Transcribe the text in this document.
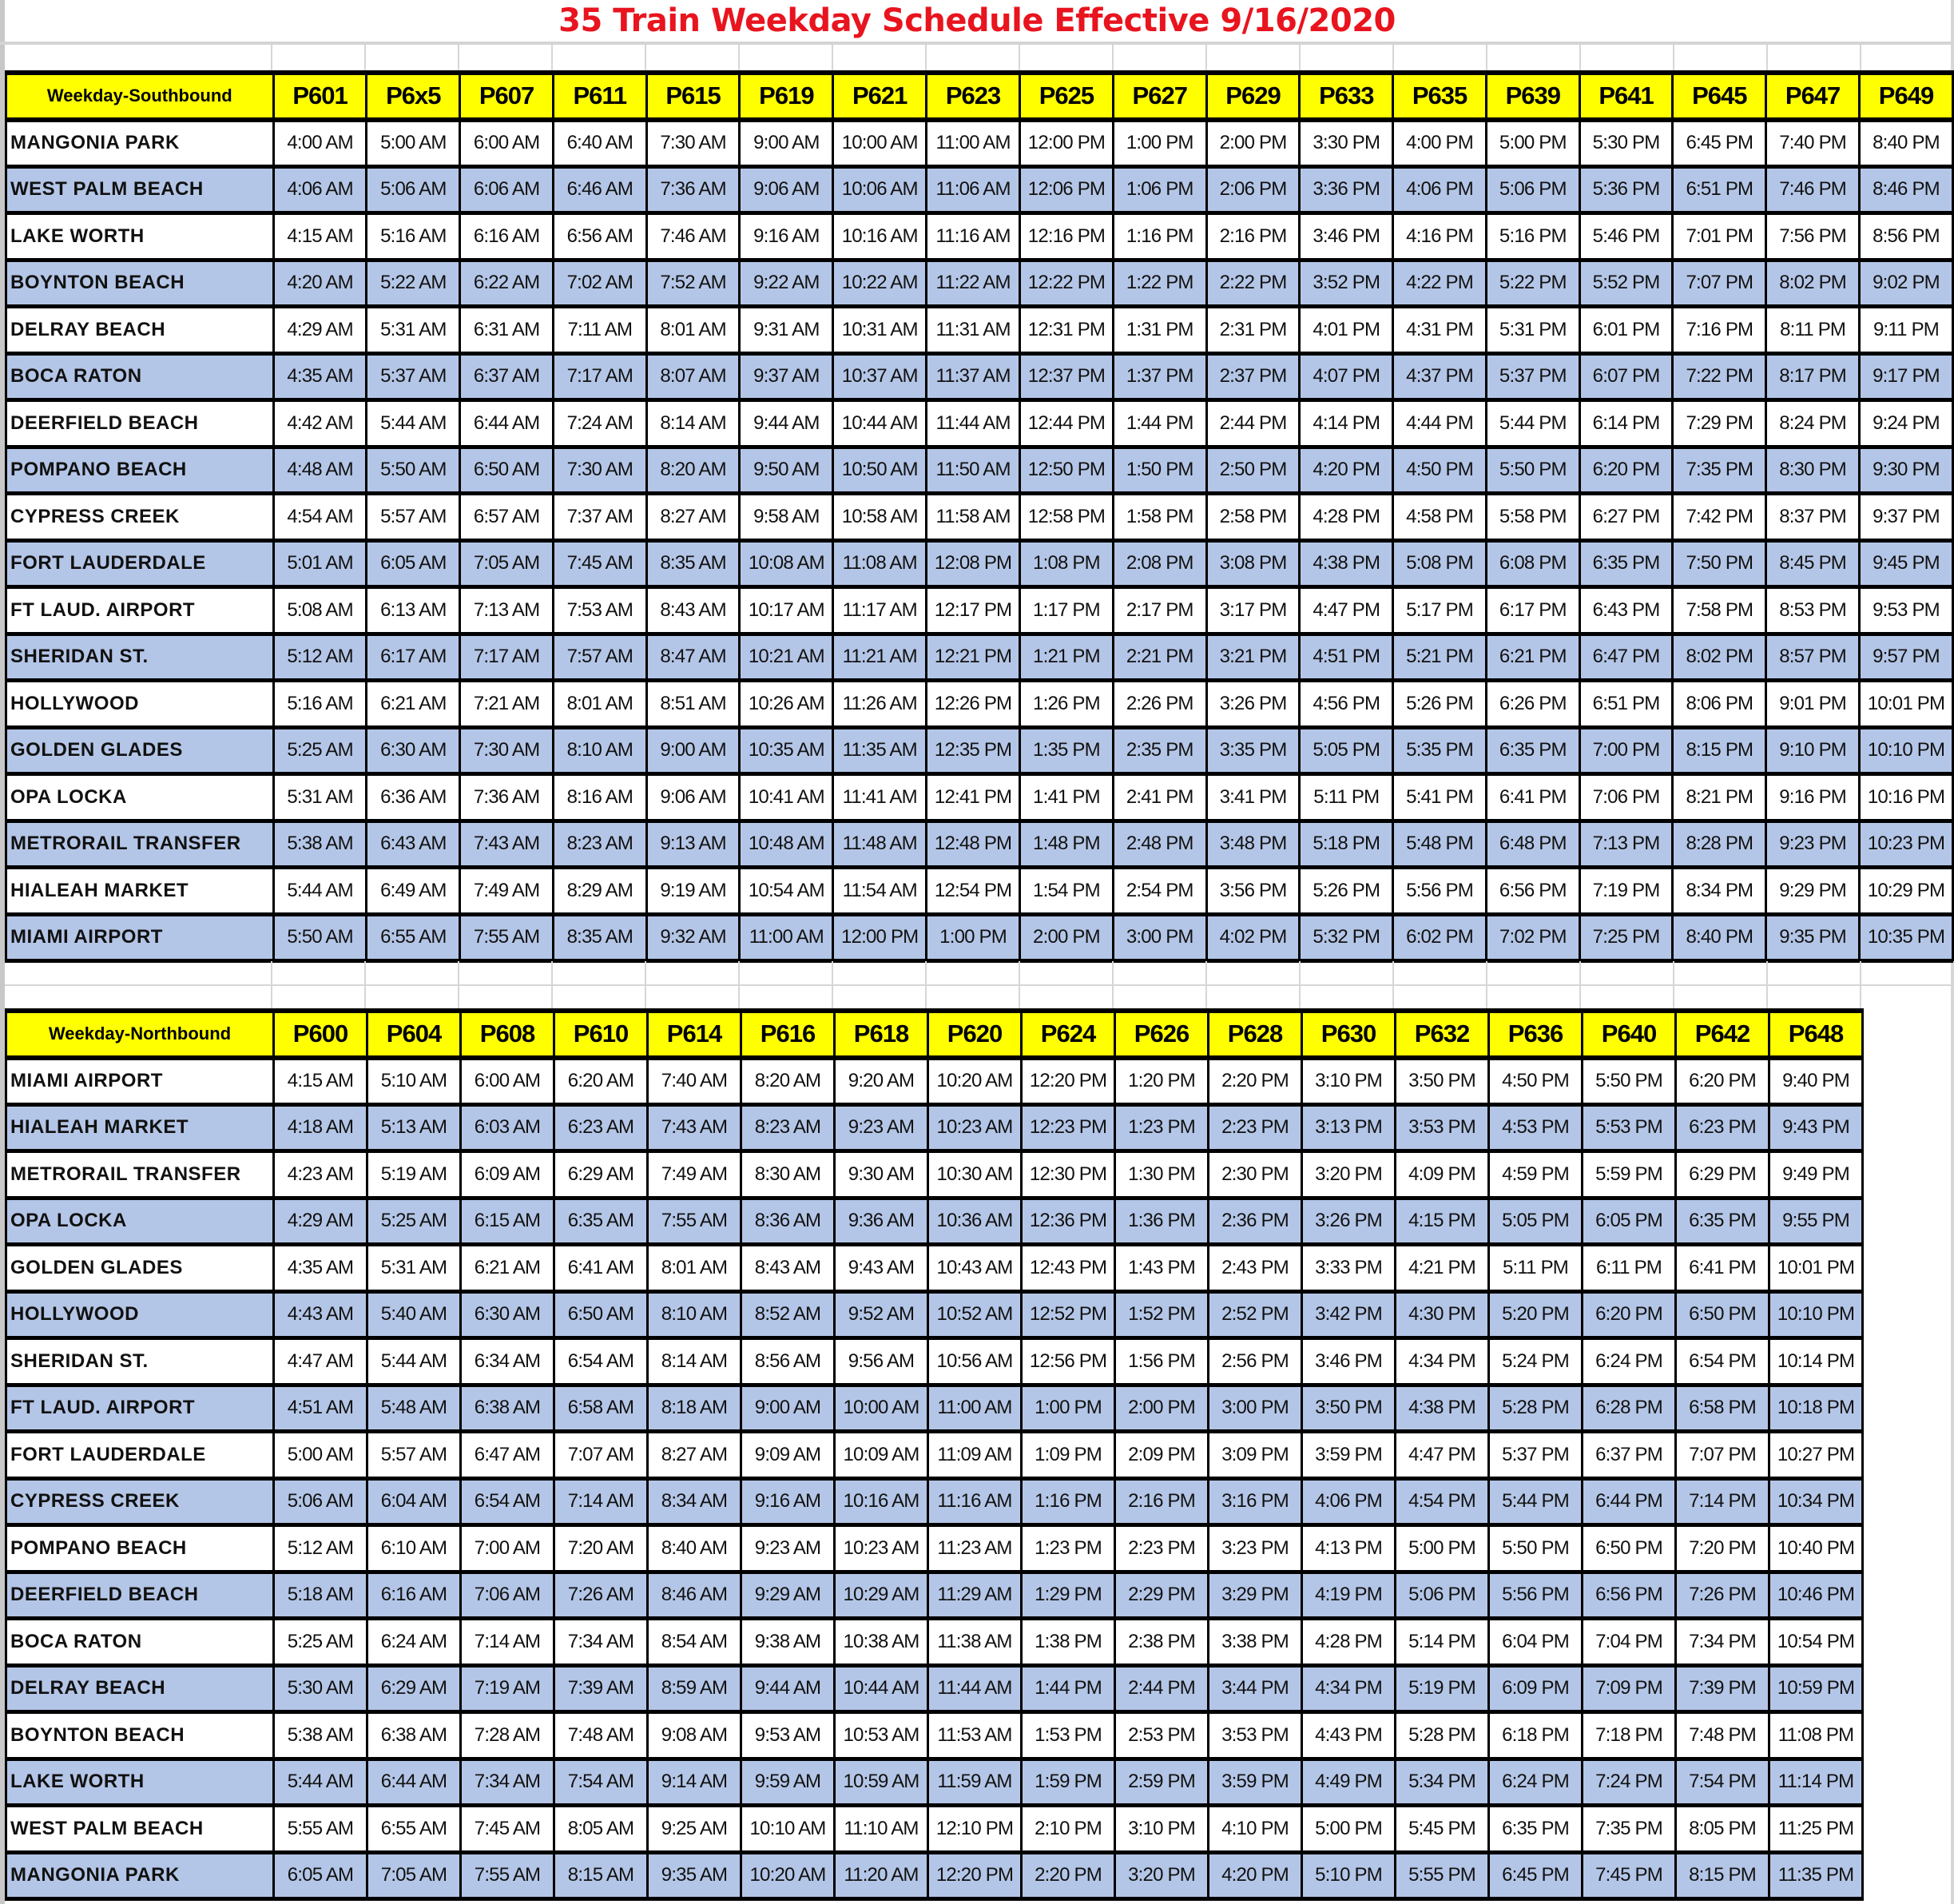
35 Train Weekday Schedule Effective 9/16/2020
Weekday-Southbound	P601	P6x5	P607	P611	P615	P619	P621	P623	P625	P627	P629	P633	P635	P639	P641	P645	P647	P649
MANGONIA PARK	4:00 AM	5:00 AM	6:00 AM	6:40 AM	7:30 AM	9:00 AM	10:00 AM	11:00 AM	12:00 PM	1:00 PM	2:00 PM	3:30 PM	4:00 PM	5:00 PM	5:30 PM	6:45 PM	7:40 PM	8:40 PM
WEST PALM BEACH	4:06 AM	5:06 AM	6:06 AM	6:46 AM	7:36 AM	9:06 AM	10:06 AM	11:06 AM	12:06 PM	1:06 PM	2:06 PM	3:36 PM	4:06 PM	5:06 PM	5:36 PM	6:51 PM	7:46 PM	8:46 PM
LAKE WORTH	4:15 AM	5:16 AM	6:16 AM	6:56 AM	7:46 AM	9:16 AM	10:16 AM	11:16 AM	12:16 PM	1:16 PM	2:16 PM	3:46 PM	4:16 PM	5:16 PM	5:46 PM	7:01 PM	7:56 PM	8:56 PM
BOYNTON BEACH	4:20 AM	5:22 AM	6:22 AM	7:02 AM	7:52 AM	9:22 AM	10:22 AM	11:22 AM	12:22 PM	1:22 PM	2:22 PM	3:52 PM	4:22 PM	5:22 PM	5:52 PM	7:07 PM	8:02 PM	9:02 PM
DELRAY BEACH	4:29 AM	5:31 AM	6:31 AM	7:11 AM	8:01 AM	9:31 AM	10:31 AM	11:31 AM	12:31 PM	1:31 PM	2:31 PM	4:01 PM	4:31 PM	5:31 PM	6:01 PM	7:16 PM	8:11 PM	9:11 PM
BOCA RATON	4:35 AM	5:37 AM	6:37 AM	7:17 AM	8:07 AM	9:37 AM	10:37 AM	11:37 AM	12:37 PM	1:37 PM	2:37 PM	4:07 PM	4:37 PM	5:37 PM	6:07 PM	7:22 PM	8:17 PM	9:17 PM
DEERFIELD BEACH	4:42 AM	5:44 AM	6:44 AM	7:24 AM	8:14 AM	9:44 AM	10:44 AM	11:44 AM	12:44 PM	1:44 PM	2:44 PM	4:14 PM	4:44 PM	5:44 PM	6:14 PM	7:29 PM	8:24 PM	9:24 PM
POMPANO BEACH	4:48 AM	5:50 AM	6:50 AM	7:30 AM	8:20 AM	9:50 AM	10:50 AM	11:50 AM	12:50 PM	1:50 PM	2:50 PM	4:20 PM	4:50 PM	5:50 PM	6:20 PM	7:35 PM	8:30 PM	9:30 PM
CYPRESS CREEK	4:54 AM	5:57 AM	6:57 AM	7:37 AM	8:27 AM	9:58 AM	10:58 AM	11:58 AM	12:58 PM	1:58 PM	2:58 PM	4:28 PM	4:58 PM	5:58 PM	6:27 PM	7:42 PM	8:37 PM	9:37 PM
FORT LAUDERDALE	5:01 AM	6:05 AM	7:05 AM	7:45 AM	8:35 AM	10:08 AM	11:08 AM	12:08 PM	1:08 PM	2:08 PM	3:08 PM	4:38 PM	5:08 PM	6:08 PM	6:35 PM	7:50 PM	8:45 PM	9:45 PM
FT LAUD. AIRPORT	5:08 AM	6:13 AM	7:13 AM	7:53 AM	8:43 AM	10:17 AM	11:17 AM	12:17 PM	1:17 PM	2:17 PM	3:17 PM	4:47 PM	5:17 PM	6:17 PM	6:43 PM	7:58 PM	8:53 PM	9:53 PM
SHERIDAN ST.	5:12 AM	6:17 AM	7:17 AM	7:57 AM	8:47 AM	10:21 AM	11:21 AM	12:21 PM	1:21 PM	2:21 PM	3:21 PM	4:51 PM	5:21 PM	6:21 PM	6:47 PM	8:02 PM	8:57 PM	9:57 PM
HOLLYWOOD	5:16 AM	6:21 AM	7:21 AM	8:01 AM	8:51 AM	10:26 AM	11:26 AM	12:26 PM	1:26 PM	2:26 PM	3:26 PM	4:56 PM	5:26 PM	6:26 PM	6:51 PM	8:06 PM	9:01 PM	10:01 PM
GOLDEN GLADES	5:25 AM	6:30 AM	7:30 AM	8:10 AM	9:00 AM	10:35 AM	11:35 AM	12:35 PM	1:35 PM	2:35 PM	3:35 PM	5:05 PM	5:35 PM	6:35 PM	7:00 PM	8:15 PM	9:10 PM	10:10 PM
OPA LOCKA	5:31 AM	6:36 AM	7:36 AM	8:16 AM	9:06 AM	10:41 AM	11:41 AM	12:41 PM	1:41 PM	2:41 PM	3:41 PM	5:11 PM	5:41 PM	6:41 PM	7:06 PM	8:21 PM	9:16 PM	10:16 PM
METRORAIL TRANSFER	5:38 AM	6:43 AM	7:43 AM	8:23 AM	9:13 AM	10:48 AM	11:48 AM	12:48 PM	1:48 PM	2:48 PM	3:48 PM	5:18 PM	5:48 PM	6:48 PM	7:13 PM	8:28 PM	9:23 PM	10:23 PM
HIALEAH MARKET	5:44 AM	6:49 AM	7:49 AM	8:29 AM	9:19 AM	10:54 AM	11:54 AM	12:54 PM	1:54 PM	2:54 PM	3:56 PM	5:26 PM	5:56 PM	6:56 PM	7:19 PM	8:34 PM	9:29 PM	10:29 PM
MIAMI AIRPORT	5:50 AM	6:55 AM	7:55 AM	8:35 AM	9:32 AM	11:00 AM	12:00 PM	1:00 PM	2:00 PM	3:00 PM	4:02 PM	5:32 PM	6:02 PM	7:02 PM	7:25 PM	8:40 PM	9:35 PM	10:35 PM
Weekday-Northbound	P600	P604	P608	P610	P614	P616	P618	P620	P624	P626	P628	P630	P632	P636	P640	P642	P648
MIAMI AIRPORT	4:15 AM	5:10 AM	6:00 AM	6:20 AM	7:40 AM	8:20 AM	9:20 AM	10:20 AM	12:20 PM	1:20 PM	2:20 PM	3:10 PM	3:50 PM	4:50 PM	5:50 PM	6:20 PM	9:40 PM
HIALEAH MARKET	4:18 AM	5:13 AM	6:03 AM	6:23 AM	7:43 AM	8:23 AM	9:23 AM	10:23 AM	12:23 PM	1:23 PM	2:23 PM	3:13 PM	3:53 PM	4:53 PM	5:53 PM	6:23 PM	9:43 PM
METRORAIL TRANSFER	4:23 AM	5:19 AM	6:09 AM	6:29 AM	7:49 AM	8:30 AM	9:30 AM	10:30 AM	12:30 PM	1:30 PM	2:30 PM	3:20 PM	4:09 PM	4:59 PM	5:59 PM	6:29 PM	9:49 PM
OPA LOCKA	4:29 AM	5:25 AM	6:15 AM	6:35 AM	7:55 AM	8:36 AM	9:36 AM	10:36 AM	12:36 PM	1:36 PM	2:36 PM	3:26 PM	4:15 PM	5:05 PM	6:05 PM	6:35 PM	9:55 PM
GOLDEN GLADES	4:35 AM	5:31 AM	6:21 AM	6:41 AM	8:01 AM	8:43 AM	9:43 AM	10:43 AM	12:43 PM	1:43 PM	2:43 PM	3:33 PM	4:21 PM	5:11 PM	6:11 PM	6:41 PM	10:01 PM
HOLLYWOOD	4:43 AM	5:40 AM	6:30 AM	6:50 AM	8:10 AM	8:52 AM	9:52 AM	10:52 AM	12:52 PM	1:52 PM	2:52 PM	3:42 PM	4:30 PM	5:20 PM	6:20 PM	6:50 PM	10:10 PM
SHERIDAN ST.	4:47 AM	5:44 AM	6:34 AM	6:54 AM	8:14 AM	8:56 AM	9:56 AM	10:56 AM	12:56 PM	1:56 PM	2:56 PM	3:46 PM	4:34 PM	5:24 PM	6:24 PM	6:54 PM	10:14 PM
FT LAUD. AIRPORT	4:51 AM	5:48 AM	6:38 AM	6:58 AM	8:18 AM	9:00 AM	10:00 AM	11:00 AM	1:00 PM	2:00 PM	3:00 PM	3:50 PM	4:38 PM	5:28 PM	6:28 PM	6:58 PM	10:18 PM
FORT LAUDERDALE	5:00 AM	5:57 AM	6:47 AM	7:07 AM	8:27 AM	9:09 AM	10:09 AM	11:09 AM	1:09 PM	2:09 PM	3:09 PM	3:59 PM	4:47 PM	5:37 PM	6:37 PM	7:07 PM	10:27 PM
CYPRESS CREEK	5:06 AM	6:04 AM	6:54 AM	7:14 AM	8:34 AM	9:16 AM	10:16 AM	11:16 AM	1:16 PM	2:16 PM	3:16 PM	4:06 PM	4:54 PM	5:44 PM	6:44 PM	7:14 PM	10:34 PM
POMPANO BEACH	5:12 AM	6:10 AM	7:00 AM	7:20 AM	8:40 AM	9:23 AM	10:23 AM	11:23 AM	1:23 PM	2:23 PM	3:23 PM	4:13 PM	5:00 PM	5:50 PM	6:50 PM	7:20 PM	10:40 PM
DEERFIELD BEACH	5:18 AM	6:16 AM	7:06 AM	7:26 AM	8:46 AM	9:29 AM	10:29 AM	11:29 AM	1:29 PM	2:29 PM	3:29 PM	4:19 PM	5:06 PM	5:56 PM	6:56 PM	7:26 PM	10:46 PM
BOCA RATON	5:25 AM	6:24 AM	7:14 AM	7:34 AM	8:54 AM	9:38 AM	10:38 AM	11:38 AM	1:38 PM	2:38 PM	3:38 PM	4:28 PM	5:14 PM	6:04 PM	7:04 PM	7:34 PM	10:54 PM
DELRAY BEACH	5:30 AM	6:29 AM	7:19 AM	7:39 AM	8:59 AM	9:44 AM	10:44 AM	11:44 AM	1:44 PM	2:44 PM	3:44 PM	4:34 PM	5:19 PM	6:09 PM	7:09 PM	7:39 PM	10:59 PM
BOYNTON BEACH	5:38 AM	6:38 AM	7:28 AM	7:48 AM	9:08 AM	9:53 AM	10:53 AM	11:53 AM	1:53 PM	2:53 PM	3:53 PM	4:43 PM	5:28 PM	6:18 PM	7:18 PM	7:48 PM	11:08 PM
LAKE WORTH	5:44 AM	6:44 AM	7:34 AM	7:54 AM	9:14 AM	9:59 AM	10:59 AM	11:59 AM	1:59 PM	2:59 PM	3:59 PM	4:49 PM	5:34 PM	6:24 PM	7:24 PM	7:54 PM	11:14 PM
WEST PALM BEACH	5:55 AM	6:55 AM	7:45 AM	8:05 AM	9:25 AM	10:10 AM	11:10 AM	12:10 PM	2:10 PM	3:10 PM	4:10 PM	5:00 PM	5:45 PM	6:35 PM	7:35 PM	8:05 PM	11:25 PM
MANGONIA PARK	6:05 AM	7:05 AM	7:55 AM	8:15 AM	9:35 AM	10:20 AM	11:20 AM	12:20 PM	2:20 PM	3:20 PM	4:20 PM	5:10 PM	5:55 PM	6:45 PM	7:45 PM	8:15 PM	11:35 PM
